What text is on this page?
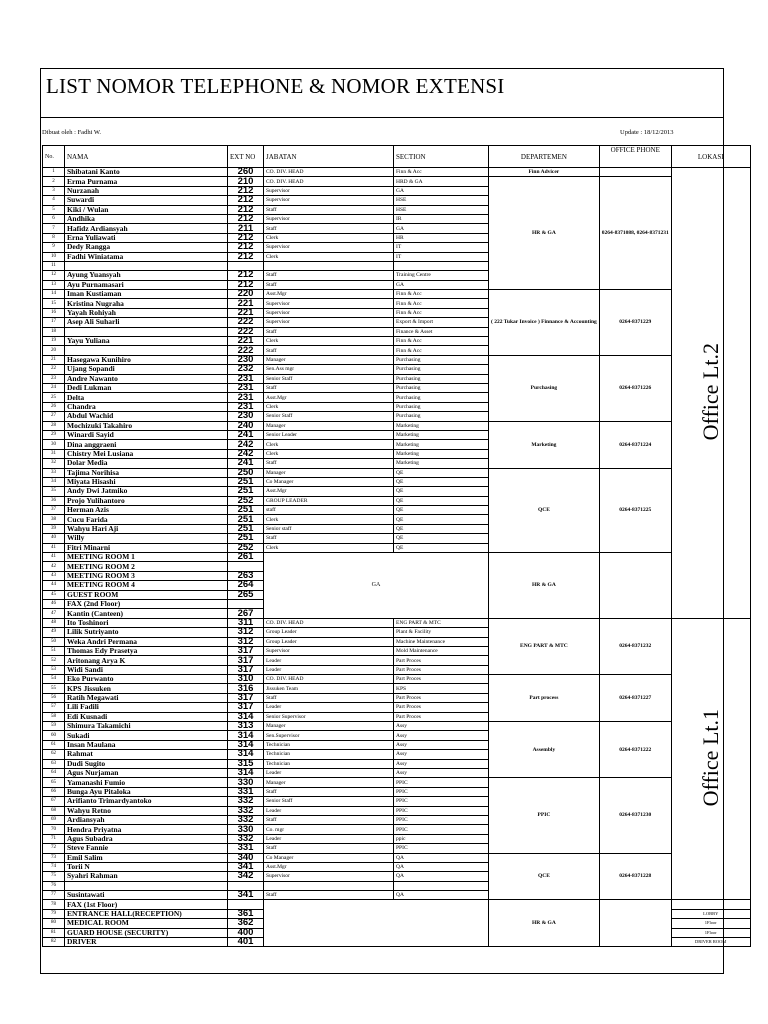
LIST NOMOR TELEPHONE & NOMOR EXTENSI
Dibuat oleh : Fadhi W.	Update : 18/12/2013
No.	NAMA	EXT NO	JABATAN	SECTION	DEPARTEMEN	OFFICE PHONE	LOKASI
1	Shibatani Kanto	260	CO. DIV. HEAD	Finn & Acc	Finn Advicer		Office Lt.2
2	Erma Purnama	210	CO. DIV. HEAD	HRD & GA	HR & GA	0264-8371088, 0264-8371231	
3	Nurzanah	212	Supervisor	GA			
4	Suwardi	212	Supervisor	HSE			
5	Kiki / Wulan	212	Staff	HSE			
6	Andhika	212	Supervisor	IR			
7	Hafidz Ardiansyah	211	Staff	GA			
8	Erna Yuliawati	212	Clerk	HR			
9	Dedy Rangga	212	Supervisor	IT			
10	Fadhi Winiatama	212	Clerk	IT			
11							
12	Ayung Yuansyah	212	Staff	Training Centre			
13	Ayu Purnamasari	212	Staff	GA			
14	Iman Kustiaman	220	Asst.Mgr	Finn & Acc	( 222 Tukar Invoice ) Finnance & Accounting	0264-8371229	
15	Kristina Nugraha	221	Supervisor	Finn & Acc			
16	Yayah Rohiyah	221	Supervisor	Finn & Acc			
17	Asep Ali Suharli	222	Supervisor	Export & Import			
18		222	Staff	Finance & Asset			
19	Yayu Yuliana	221	Clerk	Finn & Acc			
20		222	Staff	Finn & Acc			
21	Hasegawa Kunihiro	230	Manager	Purchasing	Purchasing	0264-8371226	
22	Ujang Sopandi	232	Sen.Ass mgr	Purchasing			
23	Andre Nawanto	231	Senior Staff	Purchasing			
24	Dedi Lukman	231	Staff	Purchasing			
25	Delta	231	Asst.Mgr	Purchasing			
26	Chandra	231	Clerk	Purchasing			
27	Abdul Wachid	230	Senior Staff	Purchasing			
28	Mochizuki Takahiro	240	Manager	Marketing	Marketing	0264-8371224	
29	Winardi Sayid	241	Senior Leader	Marketing			
30	Dina anggraeni	242	Clerk	Marketing			
31	Chistry Mei Lusiana	242	Clerk	Marketing			
32	Dolar Media	241	Staff	Marketing			
33	Tajima Norihisa	250	Manager	QE	QCE	0264-8371225	
34	Miyata Hisashi	251	Co Manager	QE			
35	Andy Dwi Jatmiko	251	Asst.Mgr	QE			
36	Projo Yulihantoro	252	GROUP LEADER	QE			
37	Herman Azis	251	staff	QE			
38	Cucu Farida	251	Clerk	QE			
39	Wahyu Hari Aji	251	Senior staff	QE			
40	Willy	251	Staff	QE			
41	Fitri Minarni	252	Clerk	QE			
41	MEETING ROOM 1	261	GA		HR & GA		
42	MEETING ROOM 2						
43	MEETING ROOM 3	263					
44	MEETING ROOM 4	264					
45	GUEST ROOM	265					
46	FAX (2nd Floor)						
47	Kantin (Canteen)	267					
48	Ito Toshinori	311	CO. DIV. HEAD	ENG PART & MTC	ENG PART & MTC	0264-8371232	Office Lt.1
49	Lilik Sutriyanto	312	Group Leader	Plant & Facility			
50	Weka Andri Permana	312	Group Leader	Machine Maintenance			
51	Thomas Edy Prasetya	317	Supervisor	Mold Maintenance			
52	Aritonang Arya K	317	Leader	Part Proces			
53	Widi Sandi	317	Leader	Part Proces			
54	Eko Purwanto	310	CO. DIV. HEAD	Part Proces	Part process	0264-8371227	
55	KPS Jissuken	316	Jissuken Team	KPS			
56	Ratih Megawati	317	Staff	Part Proces			
57	Lili Fadili	317	Leader	Part Proces			
58	Edi Kusnadi	314	Senior Supervisor	Part Proces			
59	Shimura Takamichi	313	Manager	Assy	Assembly	0264-8371222	
60	Sukadi	314	Sen.Supervisor	Assy			
61	Insan Maulana	314	Technician	Assy			
62	Rahmat	314	Technician	Assy			
63	Dudi Sugito	315	Technician	Assy			
64	Agus Nurjaman	314	Leader	Assy			
65	Yamanashi Fumio	330	Manager	PPIC	PPIC	0264-8371230	
66	Bunga Ayu Pitaloka	331	Staff	PPIC			
67	Arifianto Trimardyantoko	332	Senior Staff	PPIC			
68	Wahyu Retno	332	Leader	PPIC			
69	Ardiansyah	332	Staff	PPIC			
70	Hendra Priyatna	330	Co. mgr	PPIC			
71	Agus Subadra	332	Leader	ppic			
72	Steve Fannie	331	Staff	PPIC			
73	Emil Salim	340	Co Manager	QA	QCE	0264-8371228	
74	Torii N	341	Asst.Mgr	QA			
75	Syahri Rahman	342	Supervisor	QA			
76							
77	Susintawati	341	Staff	QA			
78	FAX (1st Floor)				HR & GA		
79	ENTRANCE HALL(RECEPTION)	361					LOBBY
80	MEDICAL ROOM	362					1Floor
81	GUARD HOUSE (SECURITY)	400					1Floor
82	DRIVER	401					DRIVER ROOM
